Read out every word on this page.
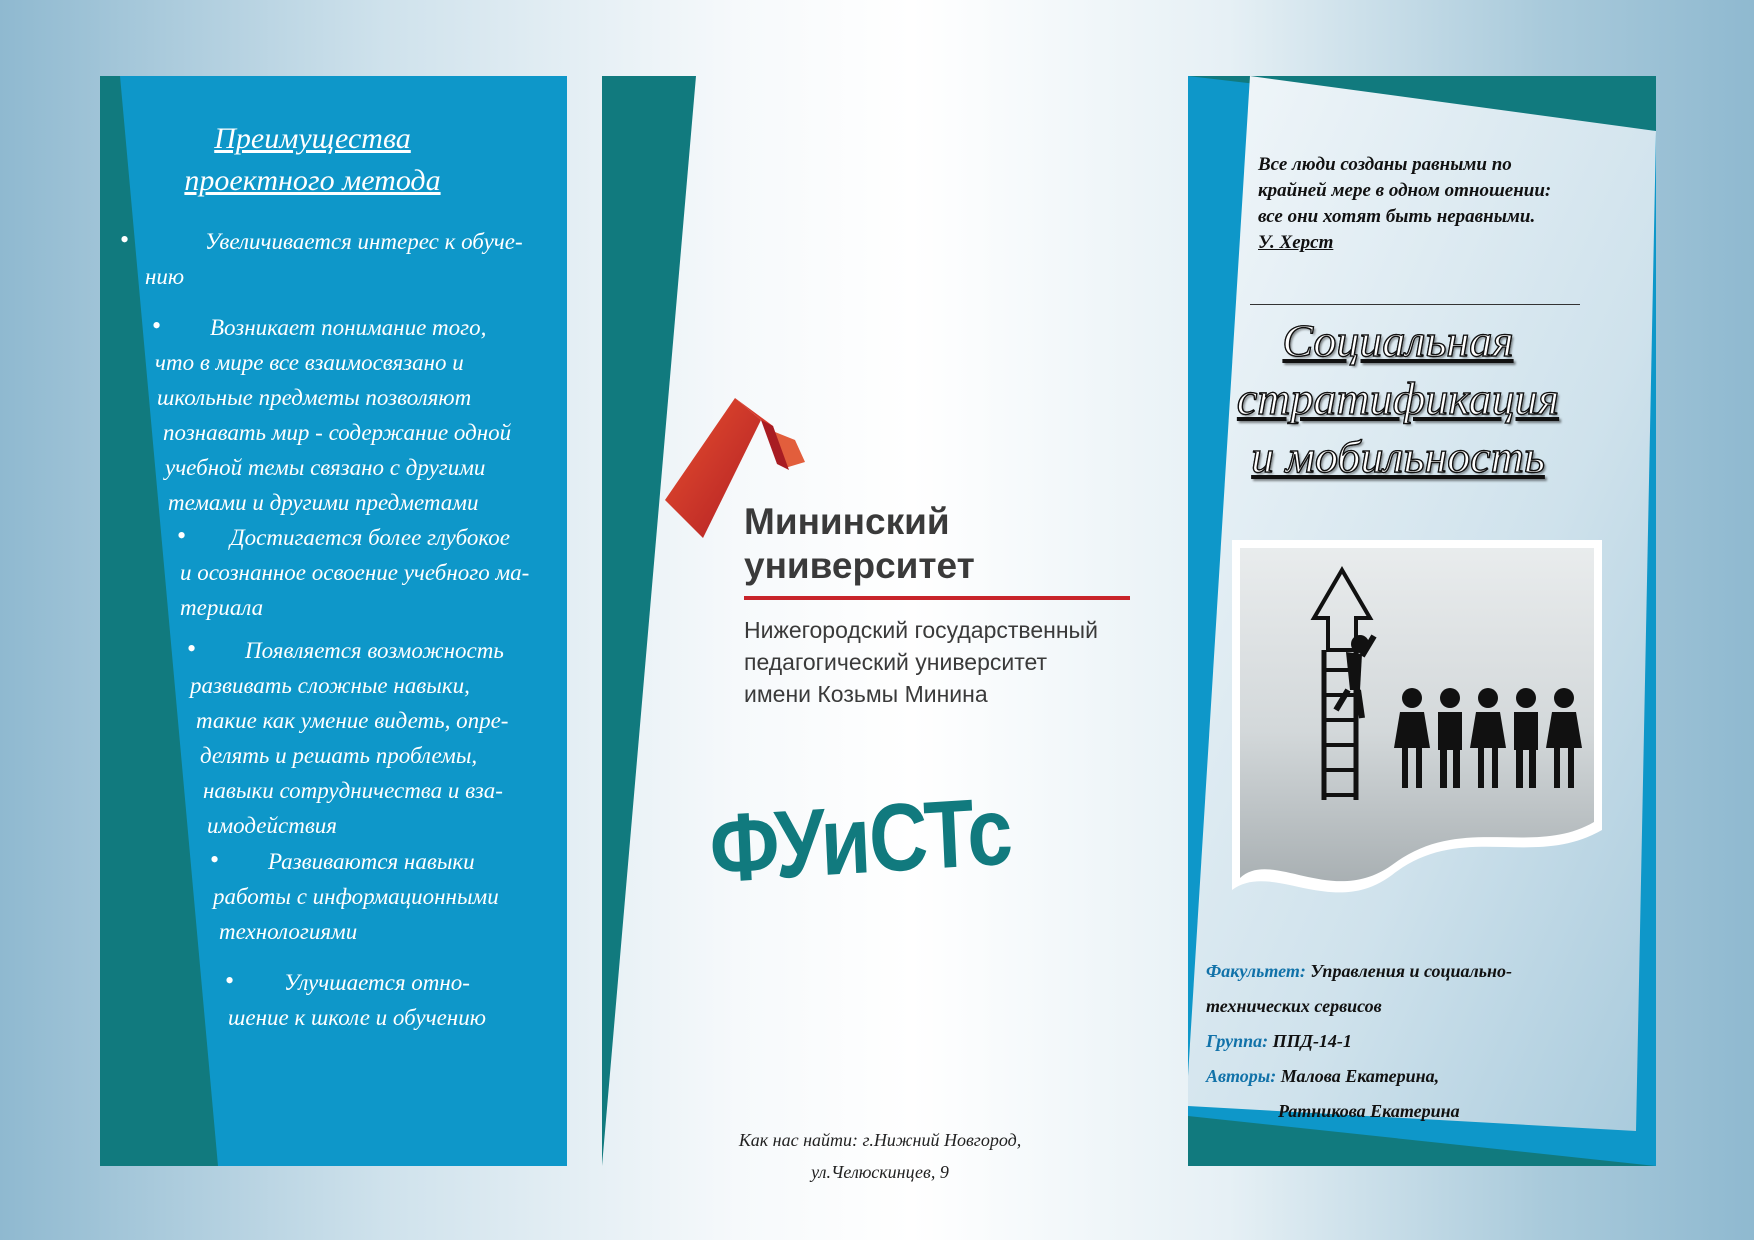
Преимущества проектного метода
•	Увеличивается интерес к обуче-
нию
• Возникает понимание того,
что в мире все взаимосвязано и
школьные предметы позволяют
познавать мир - содержание одной
учебной темы связано с другими
темами и другими предметами
• Достигается более глубокое
и осознанное освоение учебного ма-
териала
• Появляется возможность
развивать сложные навыки,
такие как умение видеть, опре-
делять и решать проблемы,
навыки сотрудничества и вза-
имодействия
• Развиваются навыки
работы с информационными
технологиями
• Улучшается отно-
шение к школе и обучению

Мининский
университет

Нижегородский государственный
педагогический университет
имени Козьмы Минина

ФУиСТс
Как нас найти: г.Нижний Новгород,
ул.Челюскинцев, 9
Все люди созданы равными по
крайней мере в одном отношении:
все они хотят быть неравными.
У. Херст
Социальная
стратификация
и мобильность
Факультет: Управления и социально-
технических сервисов
Группа: ППД-14-1
Авторы: Малова Екатерина,
Ратникова Екатерина
